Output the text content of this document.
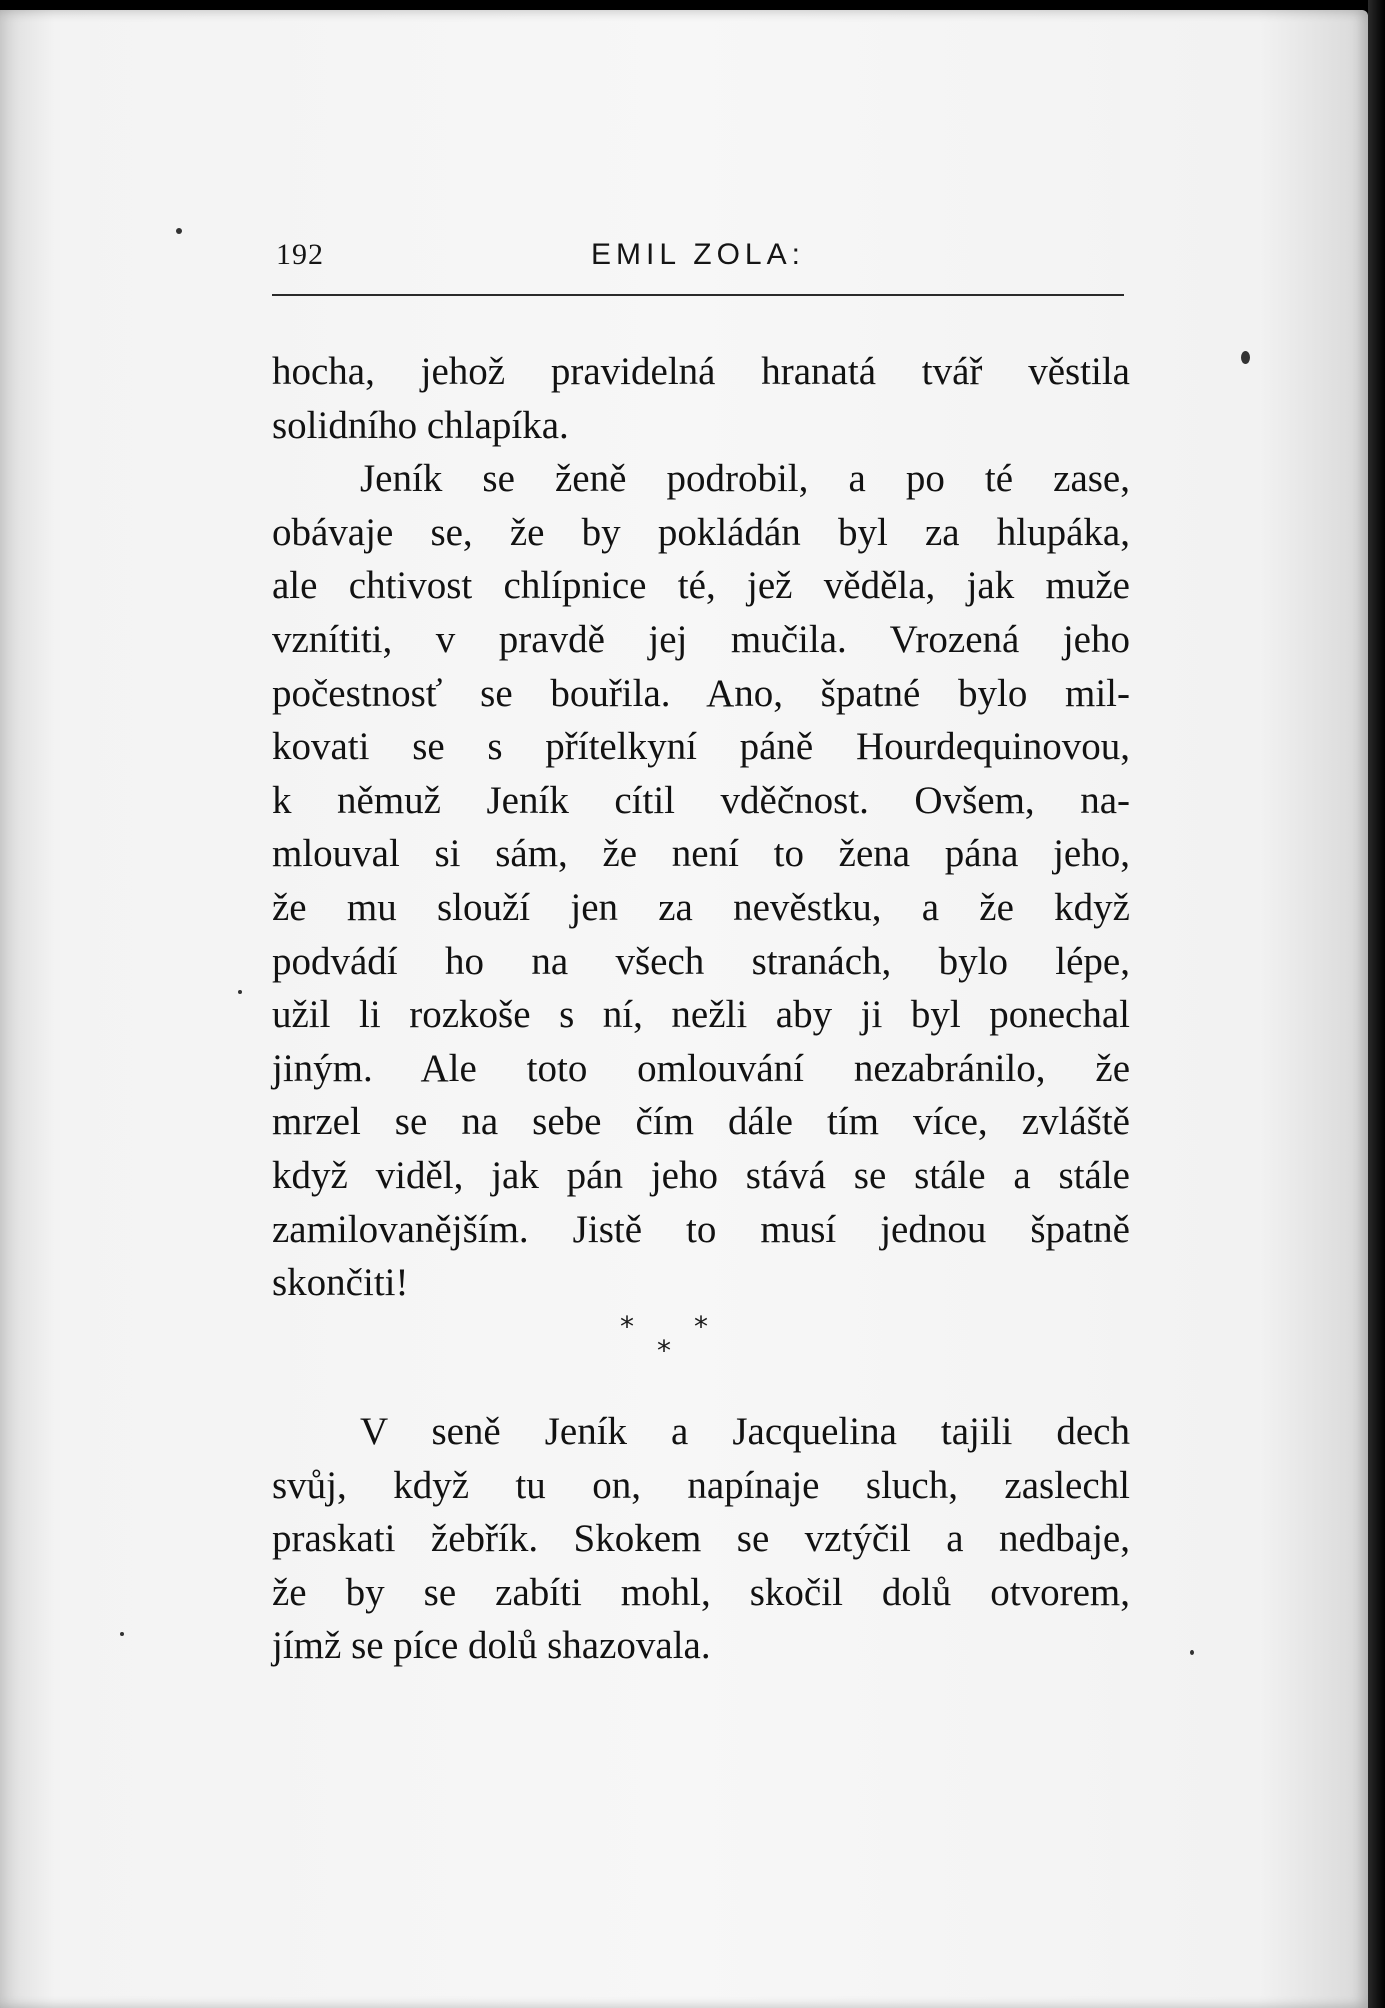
192	EMIL ZOLA:
hocha, jehož pravidelná hranatá tvář věstila
solidního chlapíka.
Jeník se ženě podrobil, a po té zase,
obávaje se, že by pokládán byl za hlupáka,
ale chtivost chlípnice té, jež věděla, jak muže
vznítiti, v pravdě jej mučila. Vrozená jeho
počestnosť se bouřila. Ano, špatné bylo mil-
kovati se s přítelkyní páně Hourdequinovou,
k němuž Jeník cítil vděčnost. Ovšem, na-
mlouval si sám, že není to žena pána jeho,
že mu slouží jen za nevěstku, a že když
podvádí ho na všech stranách, bylo lépe,
užil li rozkoše s ní, nežli aby ji byl ponechal
jiným. Ale toto omlouvání nezabránilo, že
mrzel se na sebe čím dále tím více, zvláště
když viděl, jak pán jeho stává se stále a stále
zamilovanějším. Jistě to musí jednou špatně
skončiti!
* *
*
V seně Jeník a Jacquelina tajili dech
svůj, když tu on, napínaje sluch, zaslechl
praskati žebřík. Skokem se vztýčil a nedbaje,
že by se zabíti mohl, skočil dolů otvorem,
jímž se píce dolů shazovala.
